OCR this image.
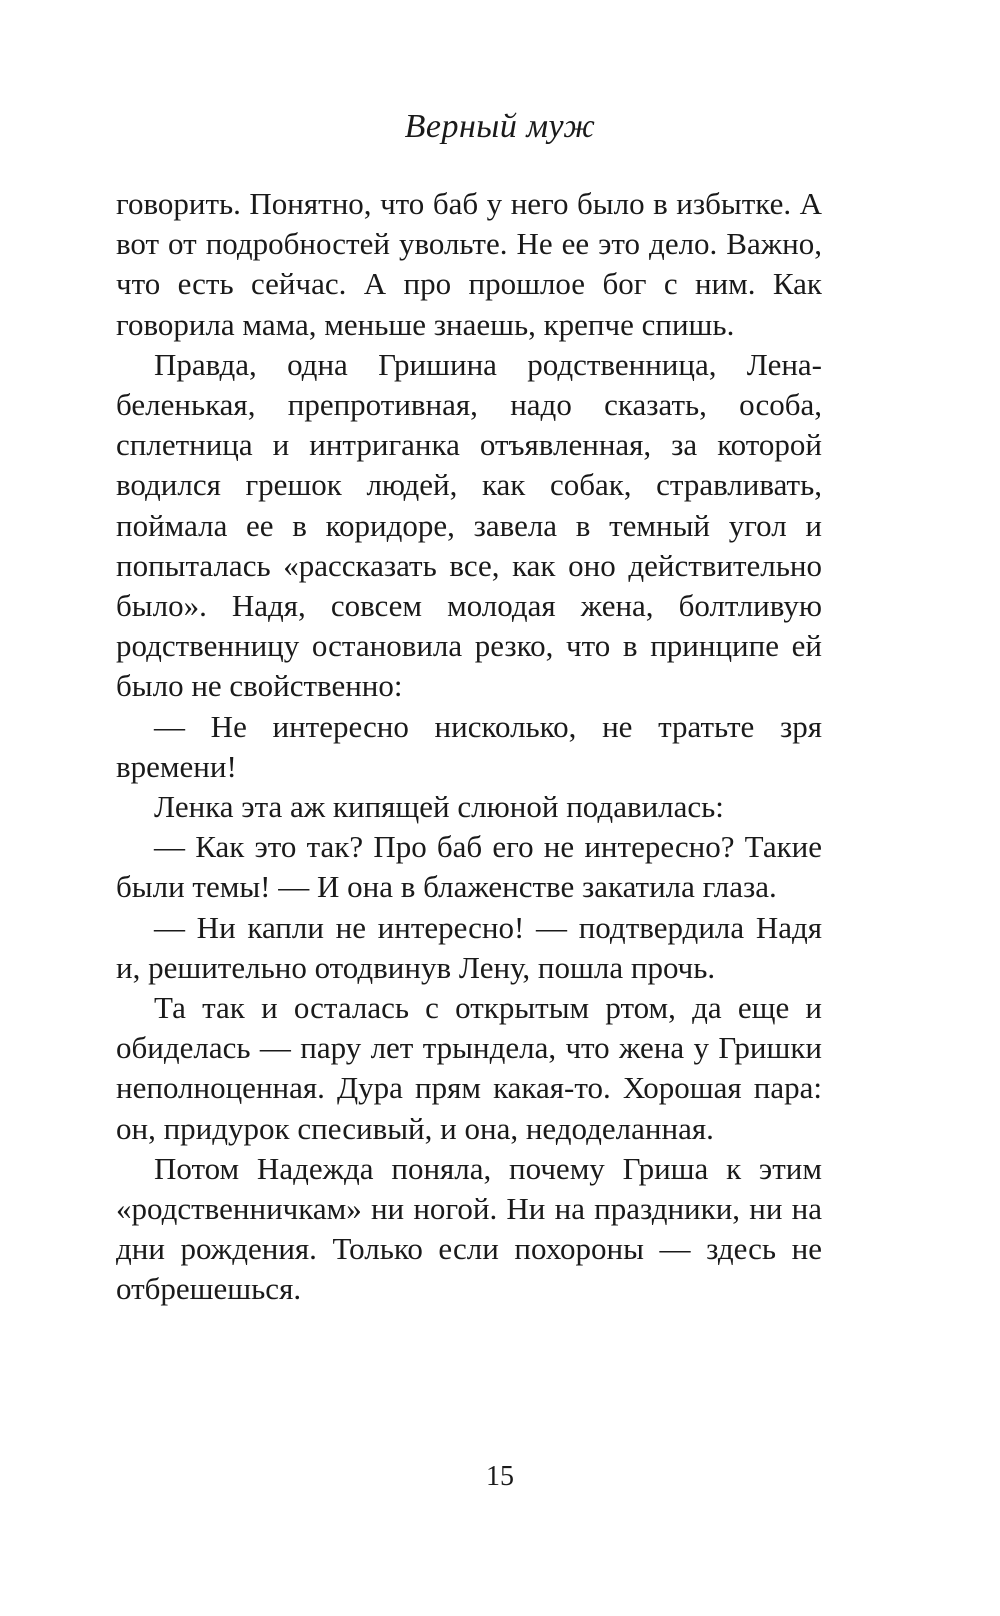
Верный муж

говорить. Понятно, что баб у него было в избытке. А вот от подробностей увольте. Не ее это дело. Важно, что есть сейчас. А про прошлое бог с ним. Как говорила мама, меньше знаешь, крепче спишь.

Правда, одна Гришина родственница, Лена-беленькая, препротивная, надо сказать, особа, сплетница и интриганка отъявленная, за которой водился грешок людей, как собак, стравливать, поймала ее в коридоре, завела в темный угол и попыталась «рассказать все, как оно действительно было». Надя, совсем молодая жена, болтливую родственницу остановила резко, что в принципе ей было не свойственно:

— Не интересно нисколько, не тратьте зря времени!

Ленка эта аж кипящей слюной подавилась:

— Как это так? Про баб его не интересно? Такие были темы! — И она в блаженстве закатила глаза.

— Ни капли не интересно! — подтвердила Надя и, решительно отодвинув Лену, пошла прочь.

Та так и осталась с открытым ртом, да еще и обиделась — пару лет трындела, что жена у Гришки неполноценная. Дура прям какая-то. Хорошая пара: он, придурок спесивый, и она, недоделанная.

Потом Надежда поняла, почему Гриша к этим «родственничкам» ни ногой. Ни на праздники, ни на дни рождения. Только если похороны — здесь не отбрешешься.

15
